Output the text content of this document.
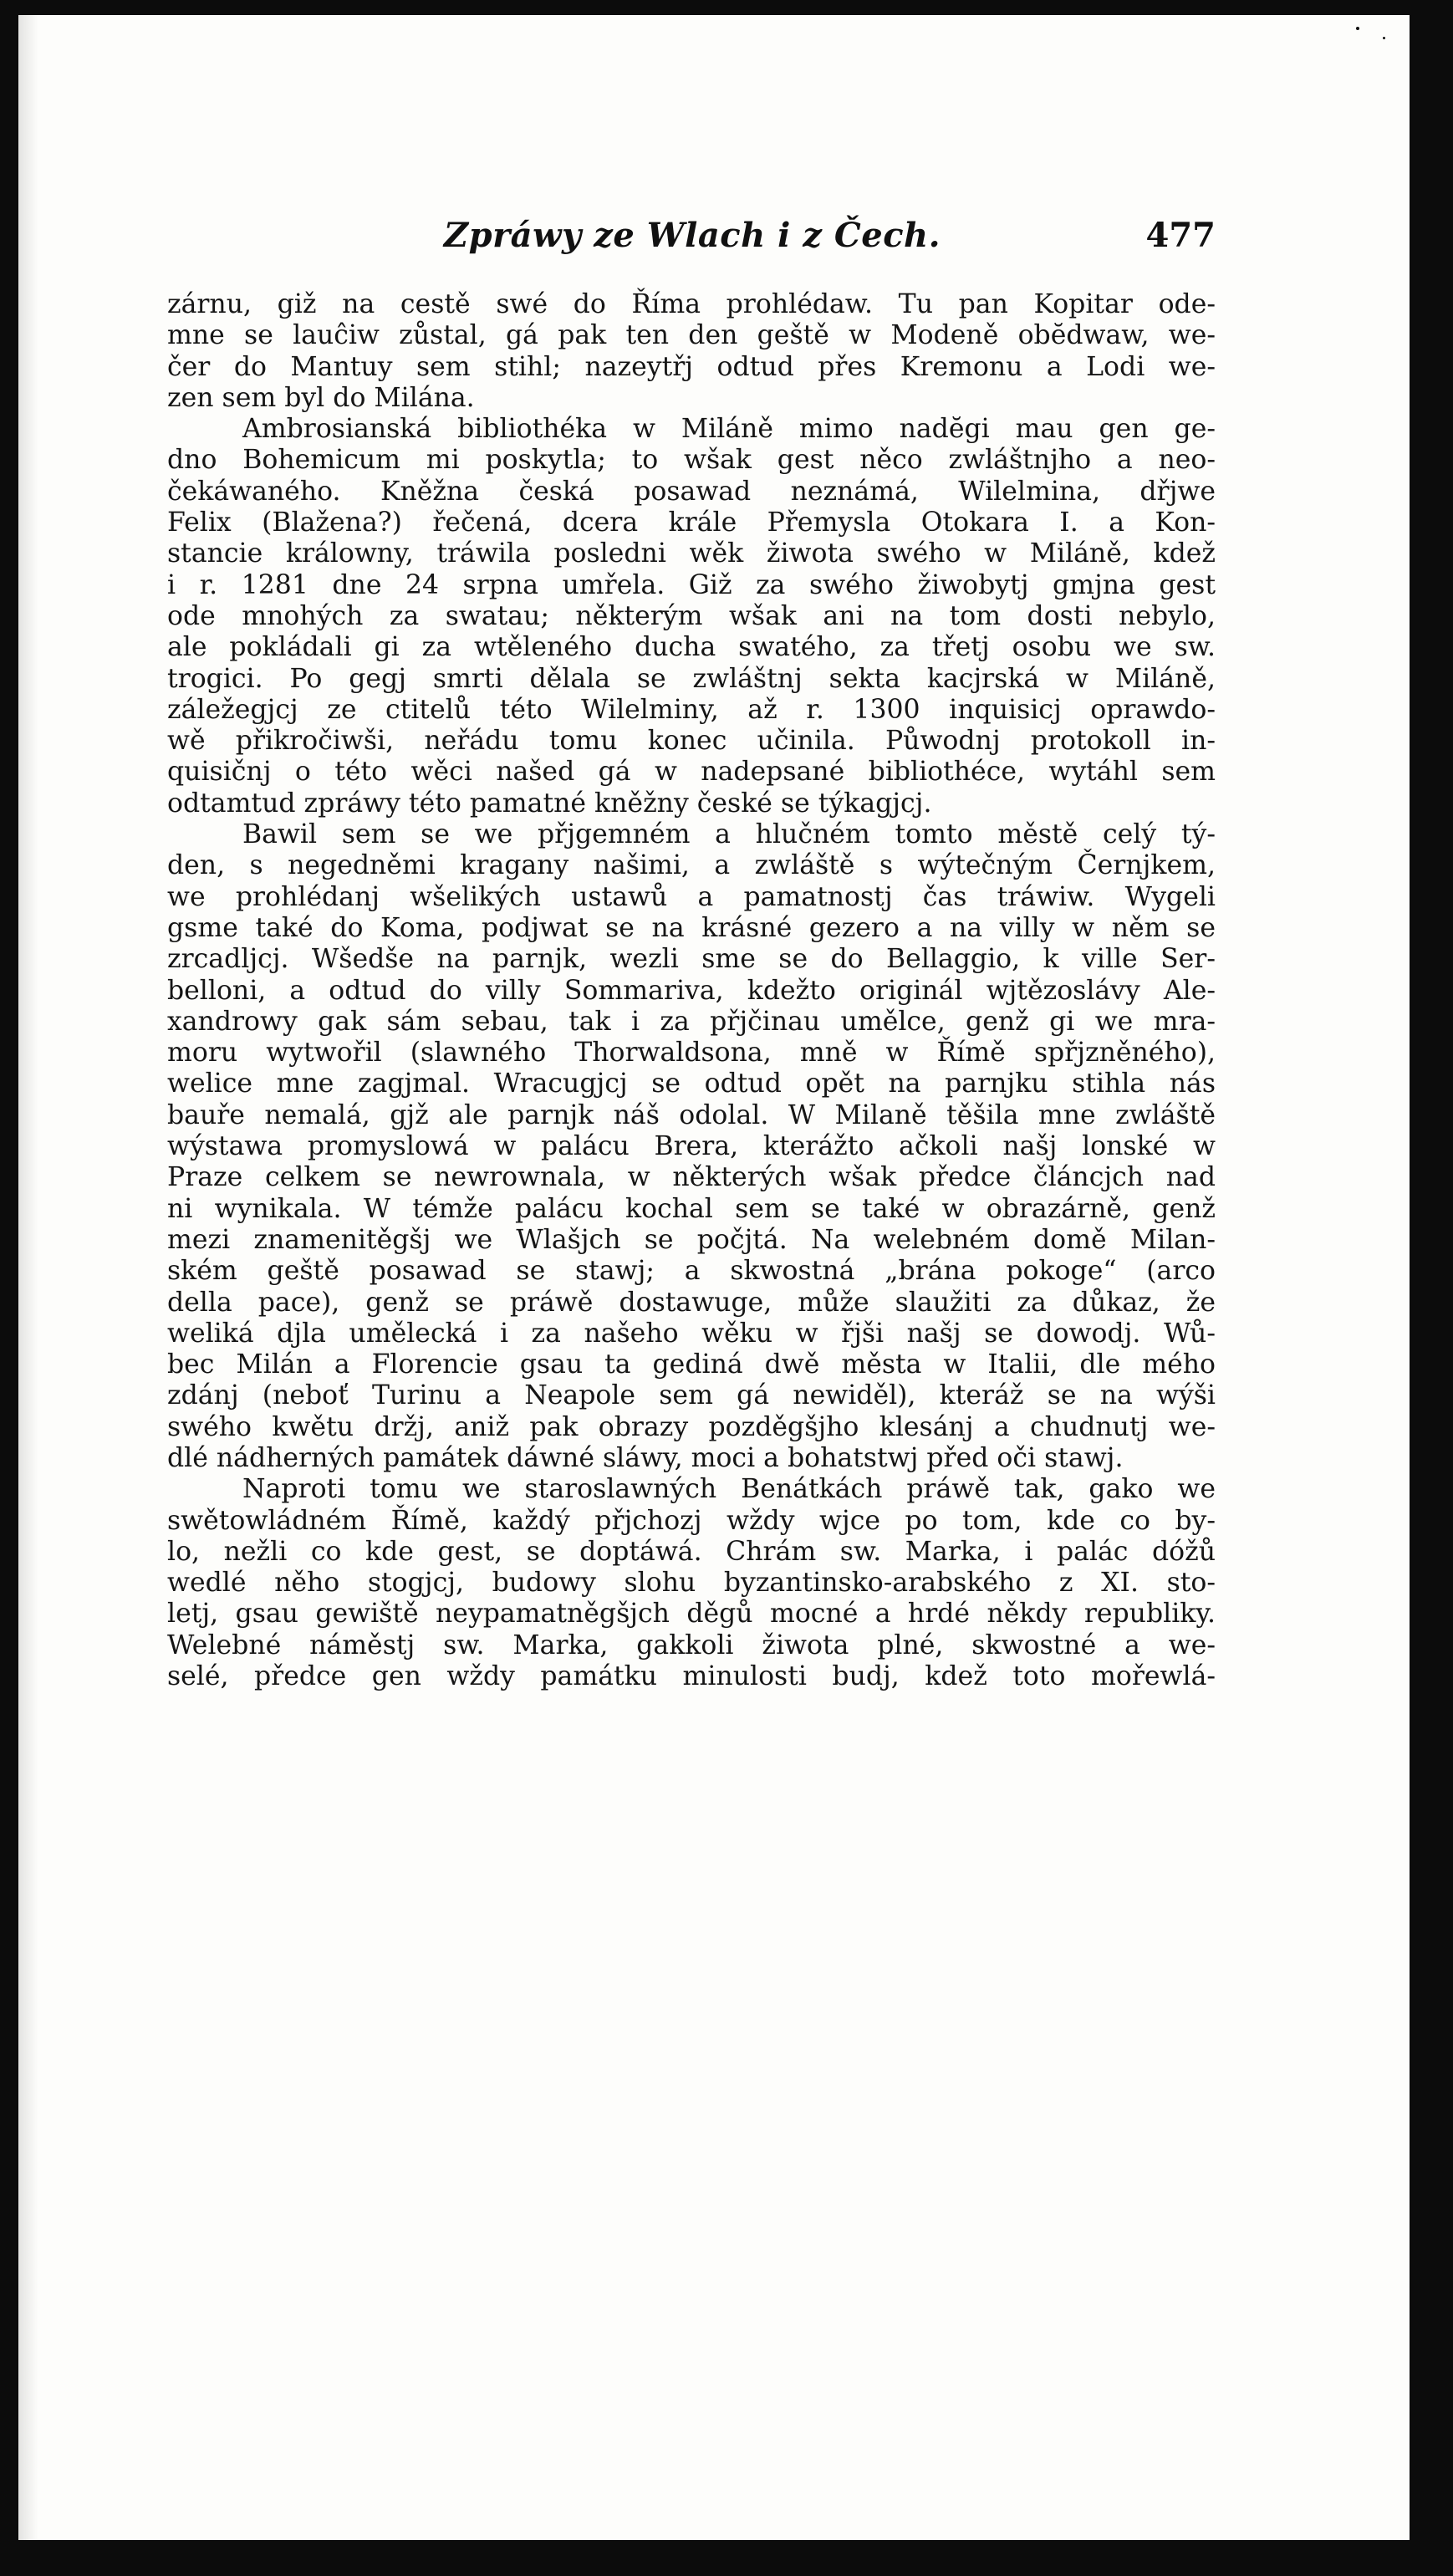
Zpráwy ze Wlach i z Čech.	477

zárnu, giž na cestě swé do Římа prohlédaw. Tu pan Kopitar ode-

mne se lauĉiw zůstal, gá pak ten den geště w Modeně obĕdwaw, we-

čer do Mantuy sem stihl; nazeytřj odtud přes Kremonu a Lodi we-

zen sem byl do Milána.

Ambrosianská bibliothéka w Miláně mimo nadĕgi mau gen ge-

dno Bohemicum mi poskytla; to wšak gest něco zwláštnjho a neo-

čekáwaného. Kněžna česká posawad neznámá, Wilelmina, dřjwe

Felix (Blažena?) řečená, dcera krále Přemysla Otokara I. a Kon-

stancie králowny, tráwila posledni wěk žiwota swého w Miláně, kdež

i r. 1281 dne 24 srpna umřela. Giž za swého žiwobytj gmjna gest

ode mnohých za swatau; některým wšak ani na tom dosti nebylo,

ale pokládali gi za wtěleného ducha swatého, za třetj osobu we sw.

trogici. Po gegj smrti dělala se zwláštnj sekta kacjrská w Miláně,

záležegjcj ze ctitelů této Wilelminy, až r. 1300 inquisicj oprawdo-

wě přikročiwši, neřádu tomu konec učinila. Půwodnj protokoll in-

quisičnj o této wěci našed gá w nadepsané bibliothéce, wytáhl sem

odtamtud zpráwy této pamatné kněžny české se týkagjcj.

Bawil sem se we přjgemném a hlučném tomto městě celý tý-

den, s negedněmi kragany našimi, a zwláště s wýtečným Černjkem,

we prohlédanj wšelikých ustawů a pamatnostj čas tráwiw. Wygeli

gsme také do Koma, podjwat se na krásné gezero a na villy w něm se

zrcadljcj. Wšedše na parnjk, wezli sme se do Bellaggio, k ville Ser-

belloni, a odtud do villy Sommariva, kdežto originál wjtězoslávy Ale-

xandrowy gak sám sebau, tak i za přjčinau umělce, genž gi we mra-

moru wytwořil (slawného Thorwaldsona, mně w Římě spřjzněného),

welice mne zagjmal. Wracugjcj se odtud opět na parnjku stihla nás

bauře nemalá, gjž ale parnjk náš odolal. W Milaně těšila mne zwláště

wýstawa promyslowá w palácu Brera, kterážto ačkoli našj lonské w

Praze celkem se newrownala, w některých wšak předce článcjch nad

ni wynikala. W témže palácu kochal sem se také w obrazárně, genž

mezi znamenitěgšj we Wlašjch se počjtá. Na welebném domě Milan-

ském geště posawad se stawj; a skwostná „brána pokoge“ (arco

della pace), genž se práwě dostawuge, může slaužiti za důkaz, že

weliká djla umělecká i za našeho wěku w řjši našj se dowodj. Wů-

bec Milán a Florencie gsau ta gediná dwě města w Italii, dle mého

zdánj (neboť Turinu a Neapole sem gá newiděl), kteráž se na wýši

swého kwětu držj, aniž pak obrazy pozděgšjho klesánj a chudnutj we-

dlé nádherných památek dáwné sláwy, moci a bohatstwj před oči stawj.

Naproti tomu we staroslawných Benátkách práwě tak, gako we

swětowládném Římě, každý přjchozj wždy wjce po tom, kde co by-

lo, nežli co kde gest, se doptáwá. Chrám sw. Marka, i palác dóžů

wedlé něho stogjcj, budowy slohu byzantinsko-arabského z XI. sto-

letj, gsau gewiště neypamatněgšjch děgů mocné a hrdé někdy republiky.

Welebné náměstj sw. Marka, gakkoli žiwota plné, skwostné a we-

selé, předce gen wždy památku minulosti budj, kdež toto mořewlá-
